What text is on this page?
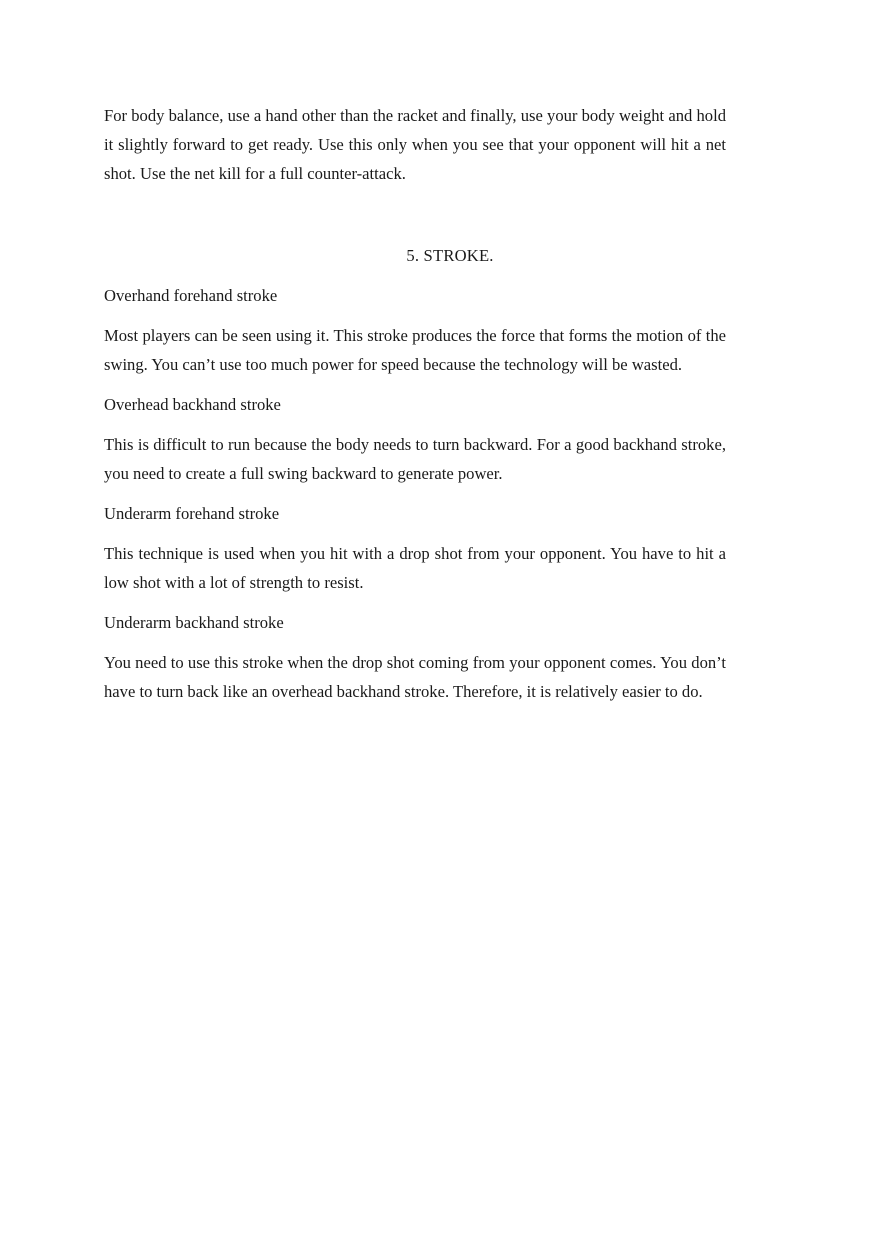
For body balance, use a hand other than the racket and finally, use your body weight and hold it slightly forward to get ready. Use this only when you see that your opponent will hit a net shot. Use the net kill for a full counter-attack.

5. STROKE.

Overhand forehand stroke

Most players can be seen using it. This stroke produces the force that forms the motion of the swing. You can’t use too much power for speed because the technology will be wasted.

Overhead backhand stroke

This is difficult to run because the body needs to turn backward. For a good backhand stroke, you need to create a full swing backward to generate power.

Underarm forehand stroke

This technique is used when you hit with a drop shot from your opponent. You have to hit a low shot with a lot of strength to resist.

Underarm backhand stroke

You need to use this stroke when the drop shot coming from your opponent comes. You don’t have to turn back like an overhead backhand stroke. Therefore, it is relatively easier to do.
